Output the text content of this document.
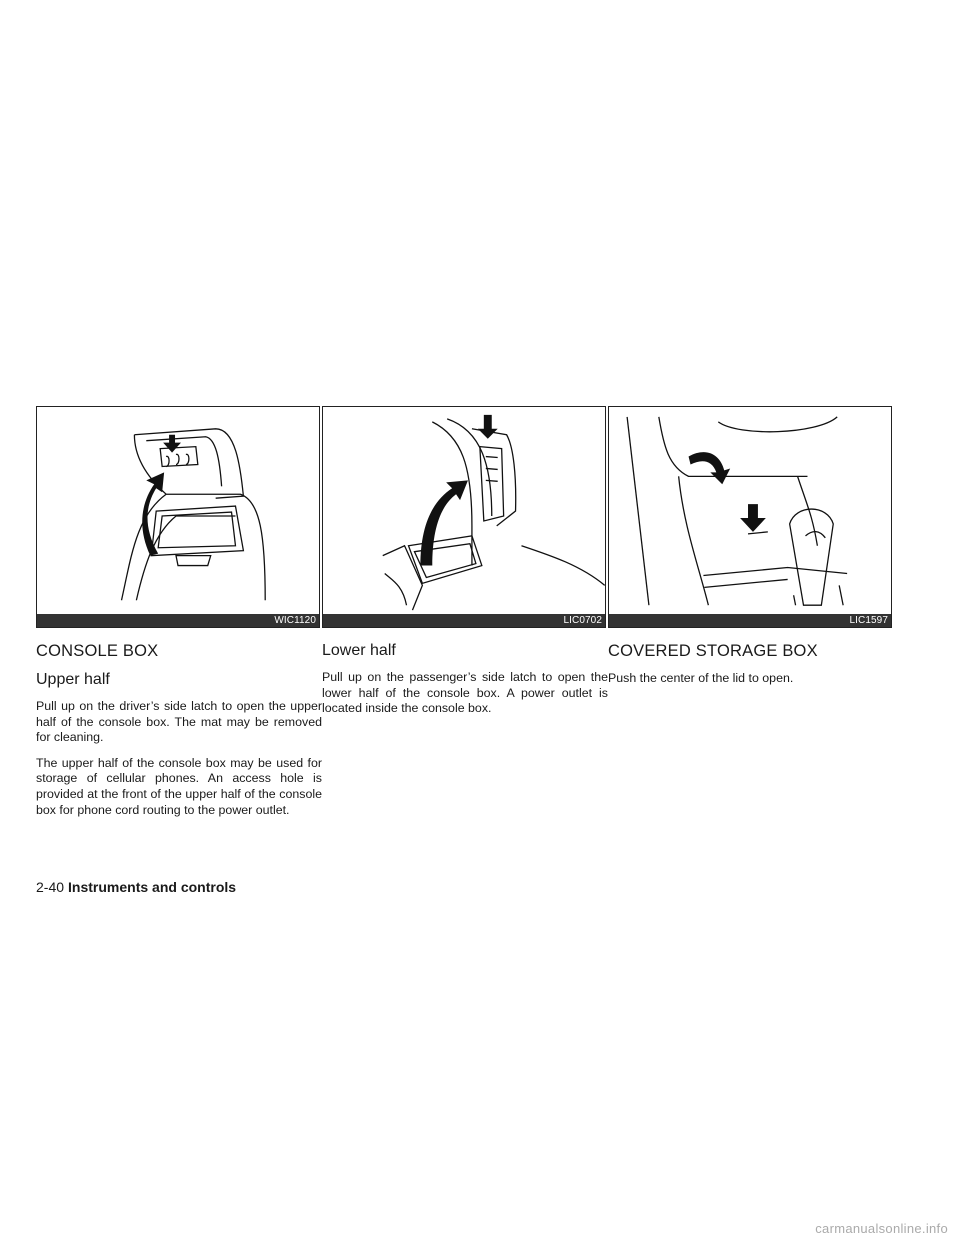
WIC1120
CONSOLE BOX
Upper half

Pull up on the driver’s side latch to open the upper half of the console box. The mat may be removed for cleaning.

The upper half of the console box may be used for storage of cellular phones. An access hole is provided at the front of the upper half of the console box for phone cord routing to the power outlet.

LIC0702
Lower half

Pull up on the passenger’s side latch to open the lower half of the console box. A power outlet is located inside the console box.

LIC1597
COVERED STORAGE BOX

Push the center of the lid to open.

2-40 Instruments and controls
carmanualsonline.info
